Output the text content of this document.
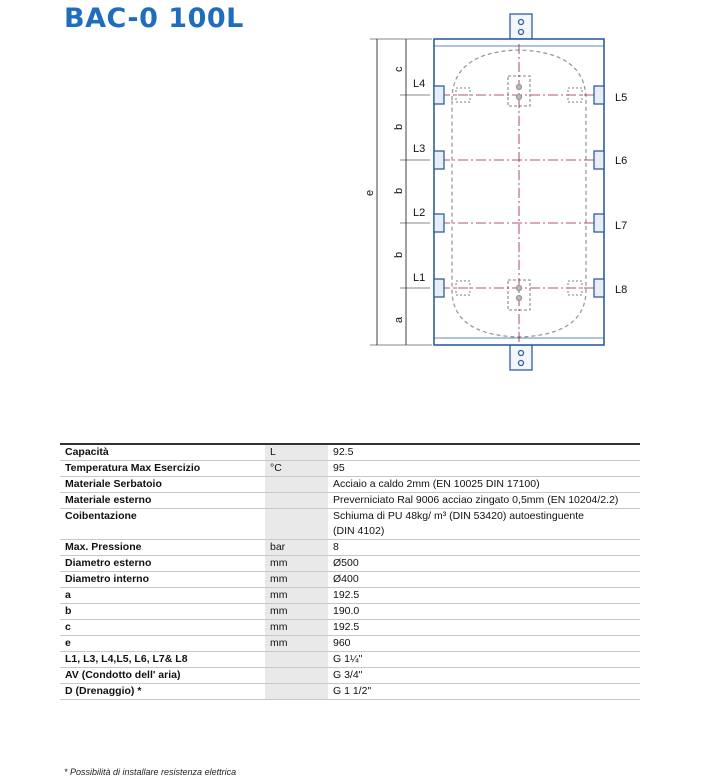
BAC-0 100L
L4
L3
L2
L1
L5
L6
L7
L8
e
c
b
b
b
a
Capacità	L	92.5

Temperatura Max Esercizio	°C	95

Materiale Serbatoio		Acciaio a caldo 2mm (EN 10025 DIN 17100)

Materiale esterno		Preverniciato Ral 9006 acciao zingato 0,5mm (EN 10204/2.2)

Coibentazione		Schiuma di PU 48kg/ m³ (DIN 53420) autoestinguente
(DIN 4102)

Max. Pressione	bar	8

Diametro esterno	mm	Ø500

Diametro interno	mm	Ø400

a	mm	192.5

b	mm	190.0

c	mm	192.5

e	mm	960

L1, L3, L4,L5, L6, L7& L8		G 1¼"

AV (Condotto dell' aria)		G 3/4"

D (Drenaggio) *		G 1 1/2"
* Possibilità di installare resistenza elettrica
